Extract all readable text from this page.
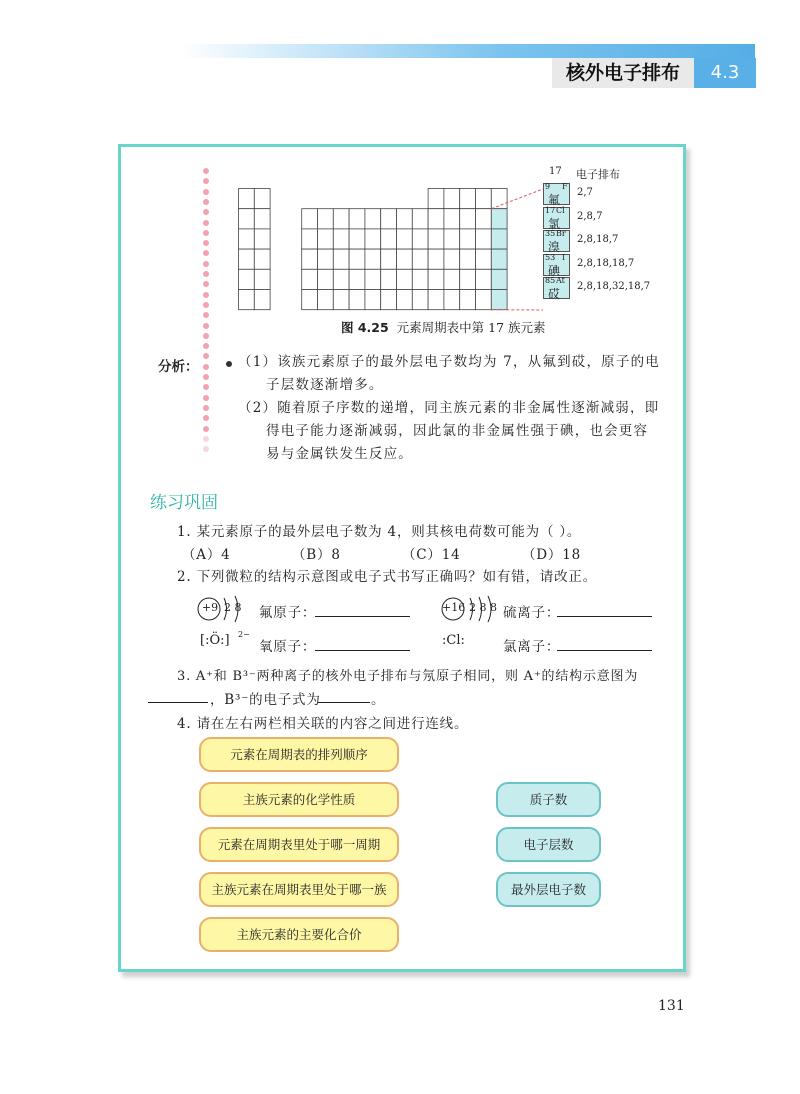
核外电子排布	4.3
17 电子排布
9 F
氟
2,7
17 Cl
氯
2,8,7
35 Br
溴
2,8,18,7
53 I
碘
2,8,18,18,7
85 At
砹
2,8,18,32,18,7
图 4.25 元素周期表中第 17 族元素
分析：	（1）该族元素原子的最外层电子数均为 7，从氟到砹，原子的电
子层数逐渐增多。
（2）随着原子序数的递增，同主族元素的非金属性逐渐减弱，即
得电子能力逐渐减弱，因此氯的非金属性强于碘，也会更容
易与金属铁发生反应。
练习巩固
1. 某元素原子的最外层电子数为 4，则其核电荷数可能为（ ）。
（A）4	（B）8	（C）14	（D）18
2. 下列微粒的结构示意图或电子式书写正确吗？如有错，请改正。
+9 2 8 氟原子：	+16 2 8 8 硫离子：
[:Ö:] 2−
氧原子：	:Cl:	氯离子：
3. A⁺和 B³⁻两种离子的核外电子排布与氖原子相同，则 A⁺的结构示意图为
，B³⁻的电子式为	。
4. 请在左右两栏相关联的内容之间进行连线。
元素在周期表的排列顺序
主族元素的化学性质
元素在周期表里处于哪一周期
主族元素在周期表里处于哪一族
主族元素的主要化合价
质子数
电子层数
最外层电子数
131
